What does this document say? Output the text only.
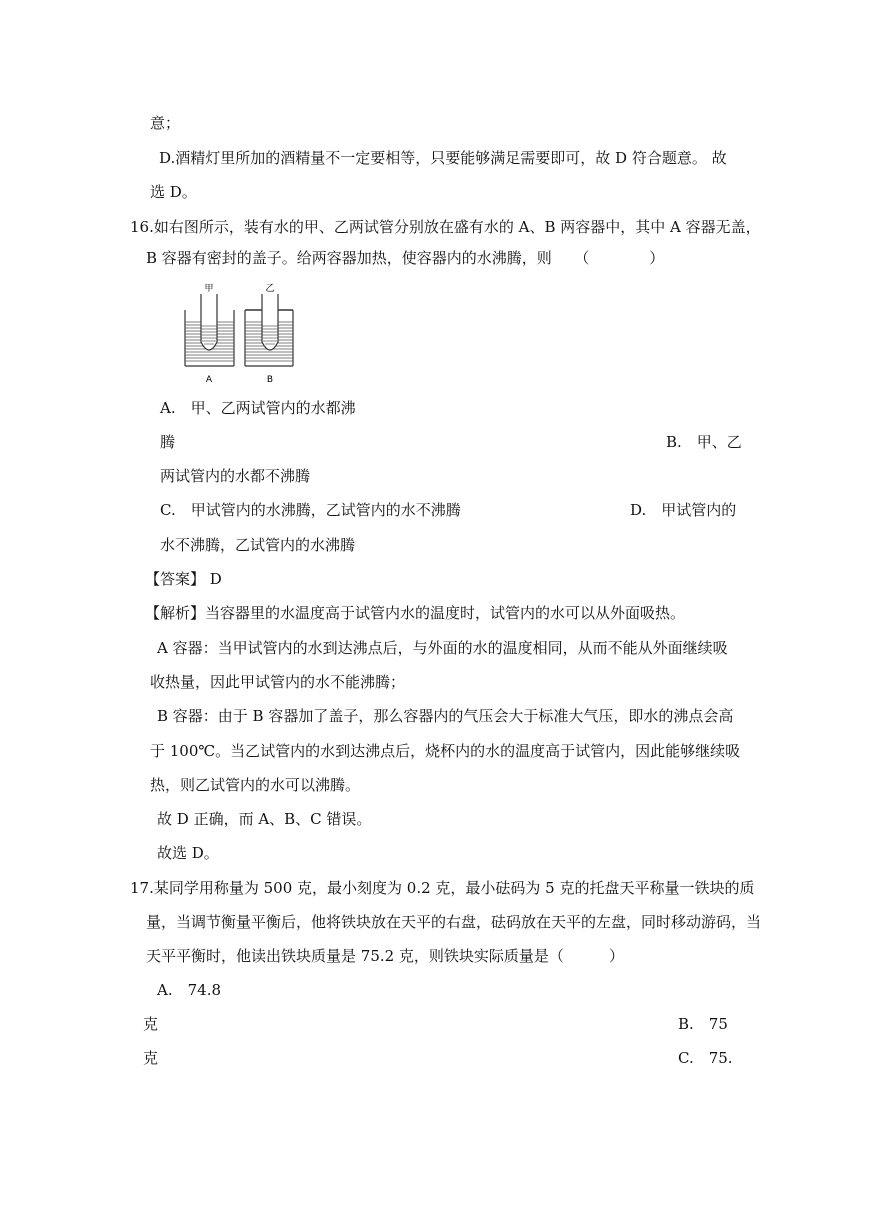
意；
D.酒精灯里所加的酒精量不一定要相等，只要能够满足需要即可，故 D 符合题意。 故
选 D。
16.如右图所示，装有水的甲、乙两试管分别放在盛有水的 A、B 两容器中，其中 A 容器无盖，
B 容器有密封的盖子。给两容器加热，使容器内的水沸腾，则　　（　　　　）
甲	乙
A	B
A.　甲、乙两试管内的水都沸
腾	B.　甲、乙
两试管内的水都不沸腾
C.　甲试管内的水沸腾，乙试管内的水不沸腾	D.　甲试管内的
水不沸腾，乙试管内的水沸腾
【答案】 D
【解析】当容器里的水温度高于试管内水的温度时，试管内的水可以从外面吸热。
A 容器：当甲试管内的水到达沸点后，与外面的水的温度相同，从而不能从外面继续吸
收热量，因此甲试管内的水不能沸腾；
B 容器：由于 B 容器加了盖子，那么容器内的气压会大于标准大气压，即水的沸点会高
于 100℃。当乙试管内的水到达沸点后，烧杯内的水的温度高于试管内，因此能够继续吸
热，则乙试管内的水可以沸腾。
故 D 正确，而 A、B、C 错误。
故选 D。
17.某同学用称量为 500 克，最小刻度为 0.2 克，最小砝码为 5 克的托盘天平称量一铁块的质
量，当调节衡量平衡后，他将铁块放在天平的右盘，砝码放在天平的左盘，同时移动游码，当
天平平衡时，他读出铁块质量是 75.2 克，则铁块实际质量是（　　　）
A.　74.8
克	B.　75
克	C.　75.
